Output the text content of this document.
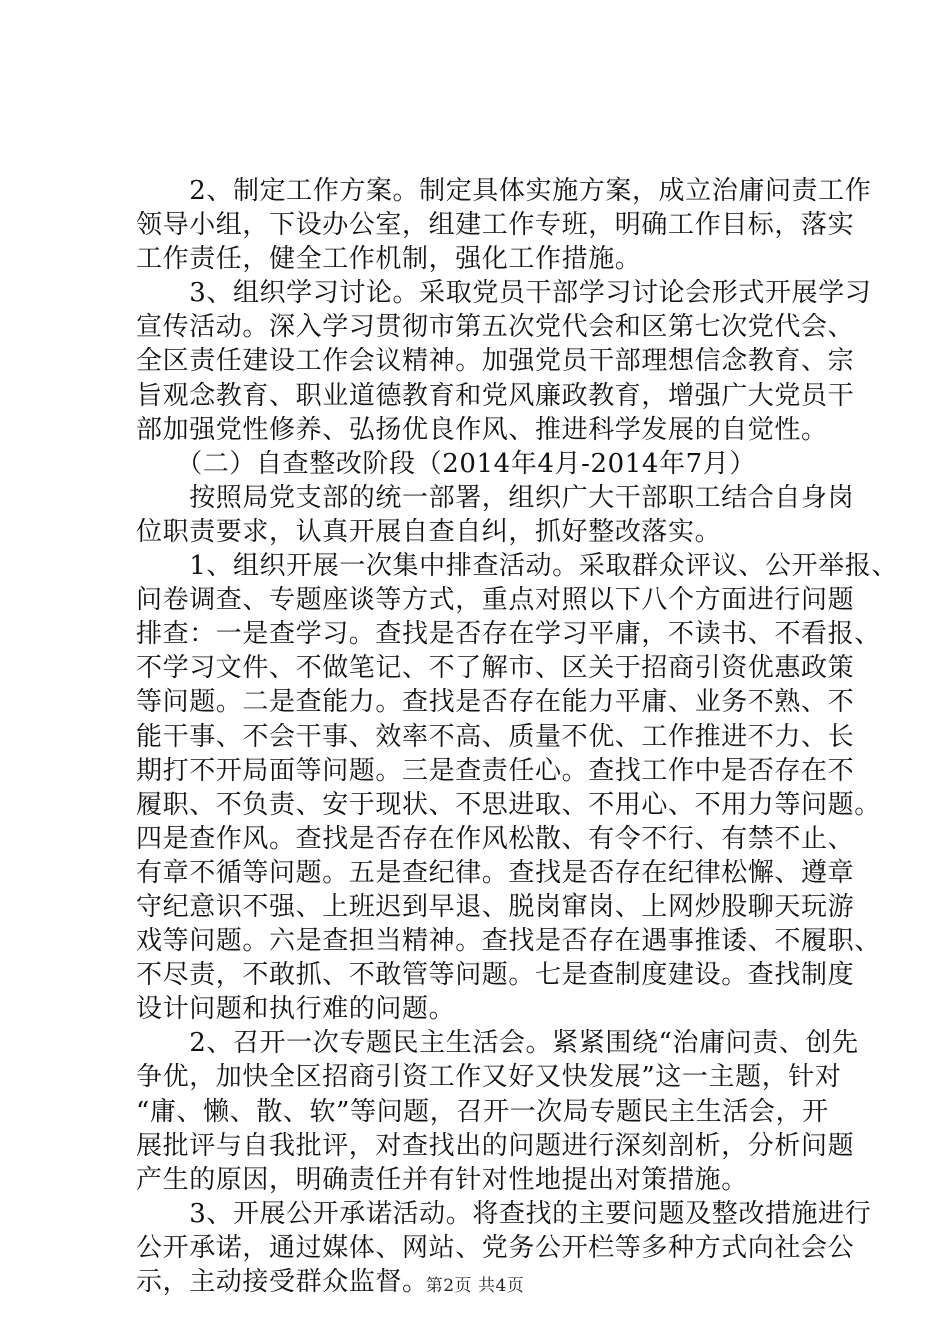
　　2、制定工作方案。制定具体实施方案，成立治庸问责工作
领导小组，下设办公室，组建工作专班，明确工作目标，落实
工作责任，健全工作机制，强化工作措施。
　　3、组织学习讨论。采取党员干部学习讨论会形式开展学习
宣传活动。深入学习贯彻市第五次党代会和区第七次党代会、
全区责任建设工作会议精神。加强党员干部理想信念教育、宗
旨观念教育、职业道德教育和党风廉政教育，增强广大党员干
部加强党性修养、弘扬优良作风、推进科学发展的自觉性。
　　（二）自查整改阶段（2014年4月-2014年7月）
　　按照局党支部的统一部署，组织广大干部职工结合自身岗
位职责要求，认真开展自查自纠，抓好整改落实。
　　1、组织开展一次集中排查活动。采取群众评议、公开举报、
问卷调查、专题座谈等方式，重点对照以下八个方面进行问题
排查：一是查学习。查找是否存在学习平庸，不读书、不看报、
不学习文件、不做笔记、不了解市、区关于招商引资优惠政策
等问题。二是查能力。查找是否存在能力平庸、业务不熟、不
能干事、不会干事、效率不高、质量不优、工作推进不力、长
期打不开局面等问题。三是查责任心。查找工作中是否存在不
履职、不负责、安于现状、不思进取、不用心、不用力等问题。
四是查作风。查找是否存在作风松散、有令不行、有禁不止、
有章不循等问题。五是查纪律。查找是否存在纪律松懈、遵章
守纪意识不强、上班迟到早退、脱岗窜岗、上网炒股聊天玩游
戏等问题。六是查担当精神。查找是否存在遇事推诿、不履职、
不尽责，不敢抓、不敢管等问题。七是查制度建设。查找制度
设计问题和执行难的问题。
　　2、召开一次专题民主生活会。紧紧围绕“治庸问责、创先
争优，加快全区招商引资工作又好又快发展”这一主题，针对
“庸、懒、散、软”等问题，召开一次局专题民主生活会，开
展批评与自我批评，对查找出的问题进行深刻剖析，分析问题
产生的原因，明确责任并有针对性地提出对策措施。
　　3、开展公开承诺活动。将查找的主要问题及整改措施进行
公开承诺，通过媒体、网站、党务公开栏等多种方式向社会公
示，主动接受群众监督。
第2页 共4页
